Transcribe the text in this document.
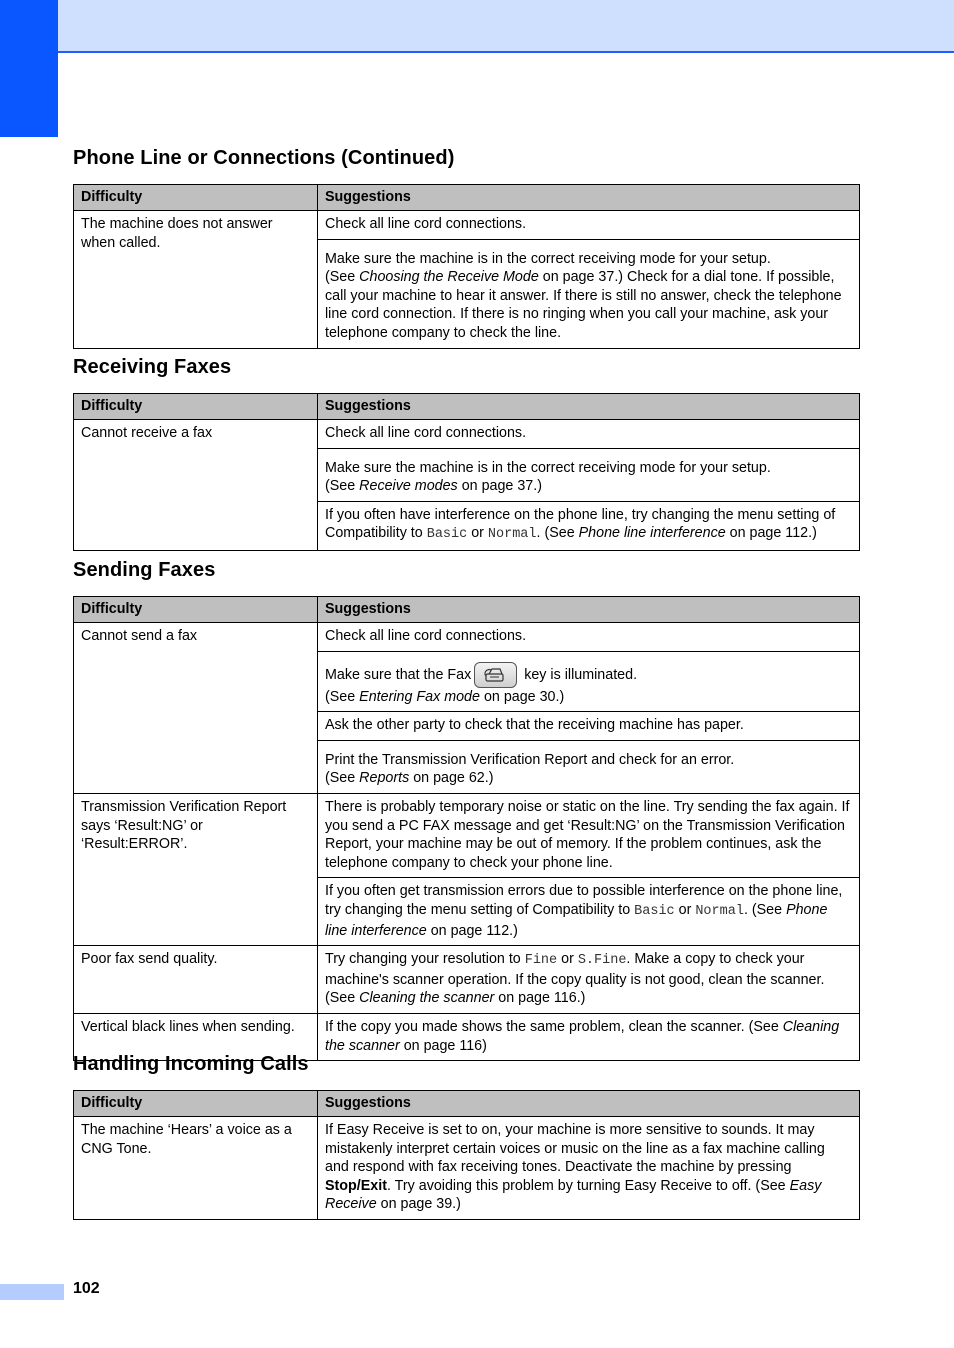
Phone Line or Connections (Continued)
Difficulty	Suggestions
The machine does not answer when called.	Check all line cord connections.
	Make sure the machine is in the correct receiving mode for your setup.
(See Choosing the Receive Mode on page 37.) Check for a dial tone. If possible, call your machine to hear it answer. If there is still no answer, check the telephone line cord connection. If there is no ringing when you call your machine, ask your telephone company to check the line.
Receiving Faxes
Difficulty	Suggestions
Cannot receive a fax	Check all line cord connections.
	Make sure the machine is in the correct receiving mode for your setup.
(See Receive modes on page 37.)
	If you often have interference on the phone line, try changing the menu setting of Compatibility to Basic or Normal. (See Phone line interference on page 112.)
Sending Faxes
Difficulty	Suggestions
Cannot send a fax	Check all line cord connections.
	Make sure that the Fax key is illuminated.
(See Entering Fax mode on page 30.)
	Ask the other party to check that the receiving machine has paper.
	Print the Transmission Verification Report and check for an error.
(See Reports on page 62.)
Transmission Verification Report says ‘Result:NG’ or ‘Result:ERROR’.	There is probably temporary noise or static on the line. Try sending the fax again. If you send a PC FAX message and get ‘Result:NG’ on the Transmission Verification Report, your machine may be out of memory. If the problem continues, ask the telephone company to check your phone line.
	If you often get transmission errors due to possible interference on the phone line, try changing the menu setting of Compatibility to Basic or Normal. (See Phone line interference on page 112.)
Poor fax send quality.	Try changing your resolution to Fine or S.Fine. Make a copy to check your machine's scanner operation. If the copy quality is not good, clean the scanner. (See Cleaning the scanner on page 116.)
Vertical black lines when sending.	If the copy you made shows the same problem, clean the scanner. (See Cleaning the scanner on page 116)
Handling Incoming Calls
Difficulty	Suggestions
The machine ‘Hears’ a voice as a CNG Tone.	If Easy Receive is set to on, your machine is more sensitive to sounds. It may mistakenly interpret certain voices or music on the line as a fax machine calling and respond with fax receiving tones. Deactivate the machine by pressing Stop/Exit. Try avoiding this problem by turning Easy Receive to off. (See Easy Receive on page 39.)
102
